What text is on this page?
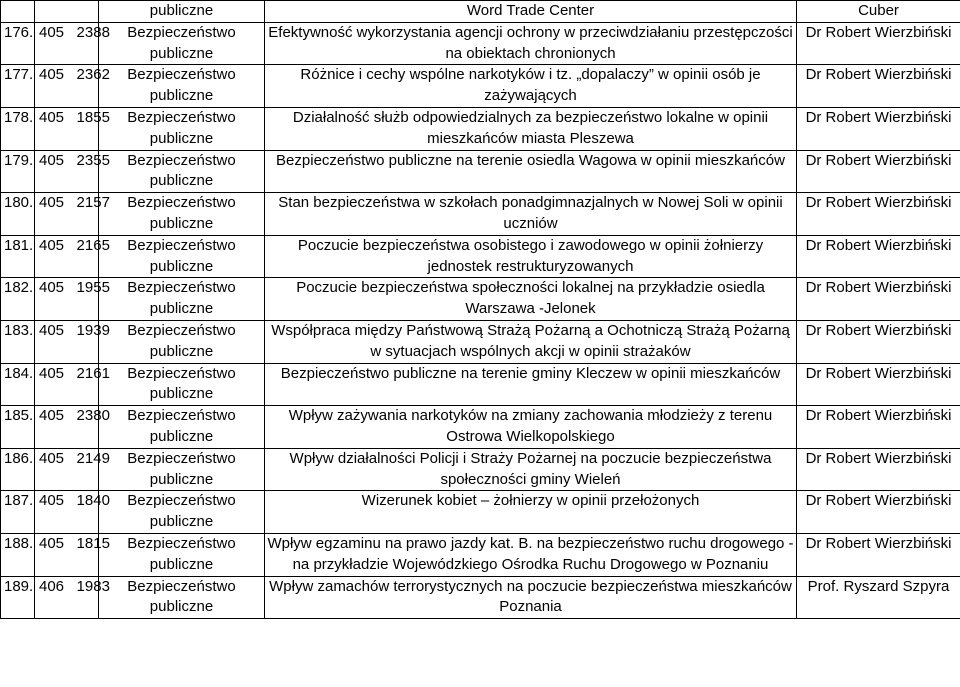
		publiczne	Word Trade Center	Cuber
176.	405 2388	Bezpieczeństwo publiczne	Efektywność wykorzystania agencji ochrony w przeciwdziałaniu przestępczości na obiektach chronionych	Dr Robert Wierzbiński
177.	405 2362	Bezpieczeństwo publiczne	Różnice i cechy wspólne narkotyków i tz. „dopalaczy” w opinii osób je zażywających	Dr Robert Wierzbiński
178.	405 1855	Bezpieczeństwo publiczne	Działalność służb odpowiedzialnych za bezpieczeństwo lokalne w opinii mieszkańców miasta Pleszewa	Dr Robert Wierzbiński
179.	405 2355	Bezpieczeństwo publiczne	Bezpieczeństwo publiczne na terenie osiedla Wagowa w opinii mieszkańców	Dr Robert Wierzbiński
180.	405 2157	Bezpieczeństwo publiczne	Stan bezpieczeństwa w szkołach ponadgimnazjalnych w Nowej Soli w opinii uczniów	Dr Robert Wierzbiński
181.	405 2165	Bezpieczeństwo publiczne	Poczucie bezpieczeństwa osobistego i zawodowego w opinii żołnierzy jednostek restrukturyzowanych	Dr Robert Wierzbiński
182.	405 1955	Bezpieczeństwo publiczne	Poczucie bezpieczeństwa społeczności lokalnej na przykładzie osiedla Warszawa -Jelonek	Dr Robert Wierzbiński
183.	405 1939	Bezpieczeństwo publiczne	Współpraca między Państwową Strażą Pożarną a Ochotniczą Strażą Pożarną w sytuacjach wspólnych akcji w opinii strażaków	Dr Robert Wierzbiński
184.	405 2161	Bezpieczeństwo publiczne	Bezpieczeństwo publiczne na terenie gminy Kleczew w opinii mieszkańców	Dr Robert Wierzbiński
185.	405 2380	Bezpieczeństwo publiczne	Wpływ zażywania narkotyków na zmiany zachowania młodzieży z terenu Ostrowa Wielkopolskiego	Dr Robert Wierzbiński
186.	405 2149	Bezpieczeństwo publiczne	Wpływ działalności Policji i Straży Pożarnej na poczucie bezpieczeństwa społeczności gminy Wieleń	Dr Robert Wierzbiński
187.	405 1840	Bezpieczeństwo publiczne	Wizerunek kobiet – żołnierzy w opinii przełożonych	Dr Robert Wierzbiński
188.	405 1815	Bezpieczeństwo publiczne	Wpływ egzaminu na prawo jazdy kat. B. na bezpieczeństwo ruchu drogowego -na przykładzie Wojewódzkiego Ośrodka Ruchu Drogowego w Poznaniu	Dr Robert Wierzbiński
189.	406 1983	Bezpieczeństwo publiczne	Wpływ zamachów terrorystycznych na poczucie bezpieczeństwa mieszkańców Poznania	Prof. Ryszard Szpyra
